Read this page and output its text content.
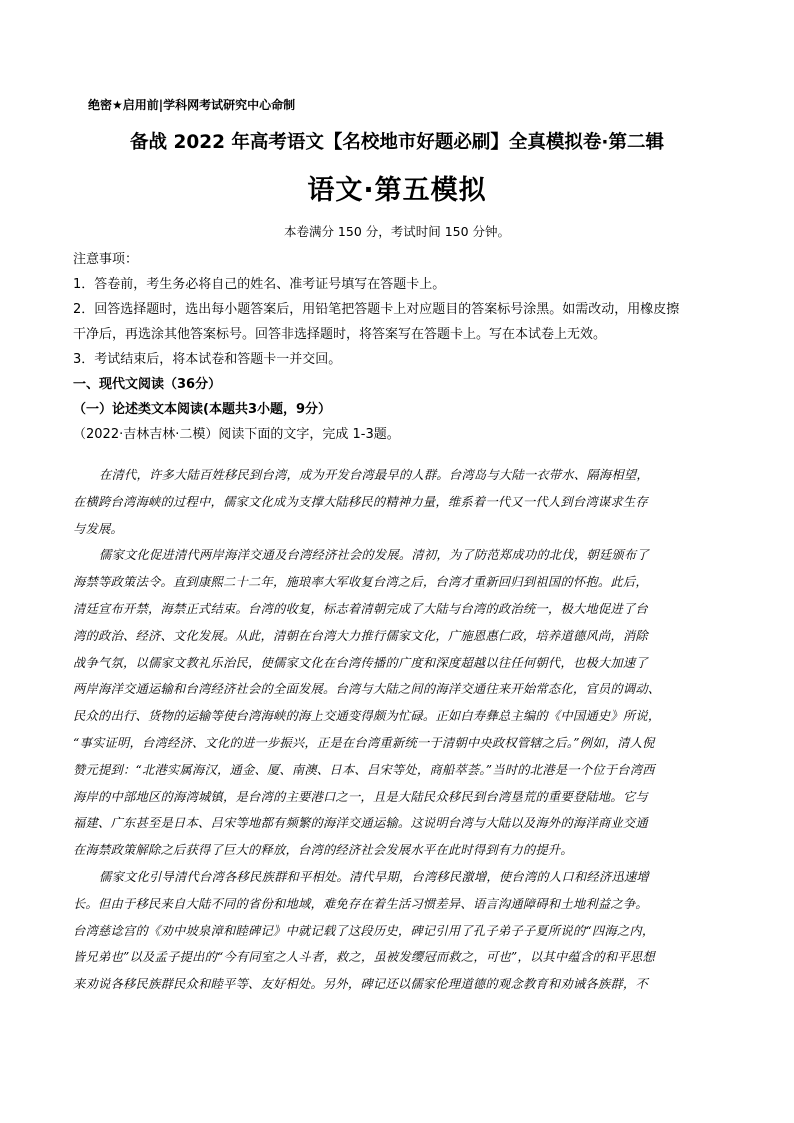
绝密★启用前|学科网考试研究中心命制
备战 2022 年高考语文【名校地市好题必刷】全真模拟卷·第二辑
语文·第五模拟
本卷满分 150 分，考试时间 150 分钟。
注意事项：
1．答卷前，考生务必将自己的姓名、准考证号填写在答题卡上。
2．回答选择题时，选出每小题答案后，用铅笔把答题卡上对应题目的答案标号涂黑。如需改动，用橡皮擦
干净后，再选涂其他答案标号。回答非选择题时，将答案写在答题卡上。写在本试卷上无效。
3．考试结束后，将本试卷和答题卡一并交回。
一、现代文阅读（36分）
（一）论述类文本阅读(本题共3小题，9分）
（2022·吉林吉林·二模）阅读下面的文字，完成 1-3题。
在清代，许多大陆百姓移民到台湾，成为开发台湾最早的人群。台湾岛与大陆一衣带水、隔海相望，
在横跨台湾海峡的过程中，儒家文化成为支撑大陆移民的精神力量，维系着一代又一代人到台湾谋求生存
与发展。
儒家文化促进清代两岸海洋交通及台湾经济社会的发展。清初，为了防范郑成功的北伐，朝廷颁布了
海禁等政策法令。直到康熙二十二年，施琅率大军收复台湾之后，台湾才重新回归到祖国的怀抱。此后，
清廷宣布开禁，海禁正式结束。台湾的收复，标志着清朝完成了大陆与台湾的政治统一，极大地促进了台
湾的政治、经济、文化发展。从此，清朝在台湾大力推行儒家文化，广施恩惠仁政，培养道德风尚，消除
战争气氛，以儒家文教礼乐治民，使儒家文化在台湾传播的广度和深度超越以往任何朝代，也极大加速了
两岸海洋交通运输和台湾经济社会的全面发展。台湾与大陆之间的海洋交通往来开始常态化，官员的调动、
民众的出行、货物的运输等使台湾海峡的海上交通变得颇为忙碌。正如白寿彝总主编的《中国通史》所说，
“事实证明，台湾经济、文化的进一步振兴，正是在台湾重新统一于清朝中央政权管辖之后。”例如，清人倪
赞元提到：“北港实属海汉，通金、厦、南澳、日本、吕宋等处，商船萃荟。”当时的北港是一个位于台湾西
海岸的中部地区的海湾城镇，是台湾的主要港口之一，且是大陆民众移民到台湾垦荒的重要登陆地。它与
福建、广东甚至是日本、吕宋等地都有频繁的海洋交通运输。这说明台湾与大陆以及海外的海洋商业交通
在海禁政策解除之后获得了巨大的释放，台湾的经济社会发展水平在此时得到有力的提升。
儒家文化引导清代台湾各移民族群和平相处。清代早期，台湾移民激增，使台湾的人口和经济迅速增
长。但由于移民来自大陆不同的省份和地域，难免存在着生活习惯差异、语言沟通障碍和土地利益之争。
台湾慈谂宫的《劝中坡泉漳和睦碑记》中就记载了这段历史，碑记引用了孔子弟子子夏所说的“四海之内，
皆兄弟也”以及孟子提出的“今有同室之人斗者，救之，虽被发缨冠而救之，可也”，以其中蕴含的和平思想
来劝说各移民族群民众和睦平等、友好相处。另外，碑记还以儒家伦理道德的观念教育和劝诫各族群，不
